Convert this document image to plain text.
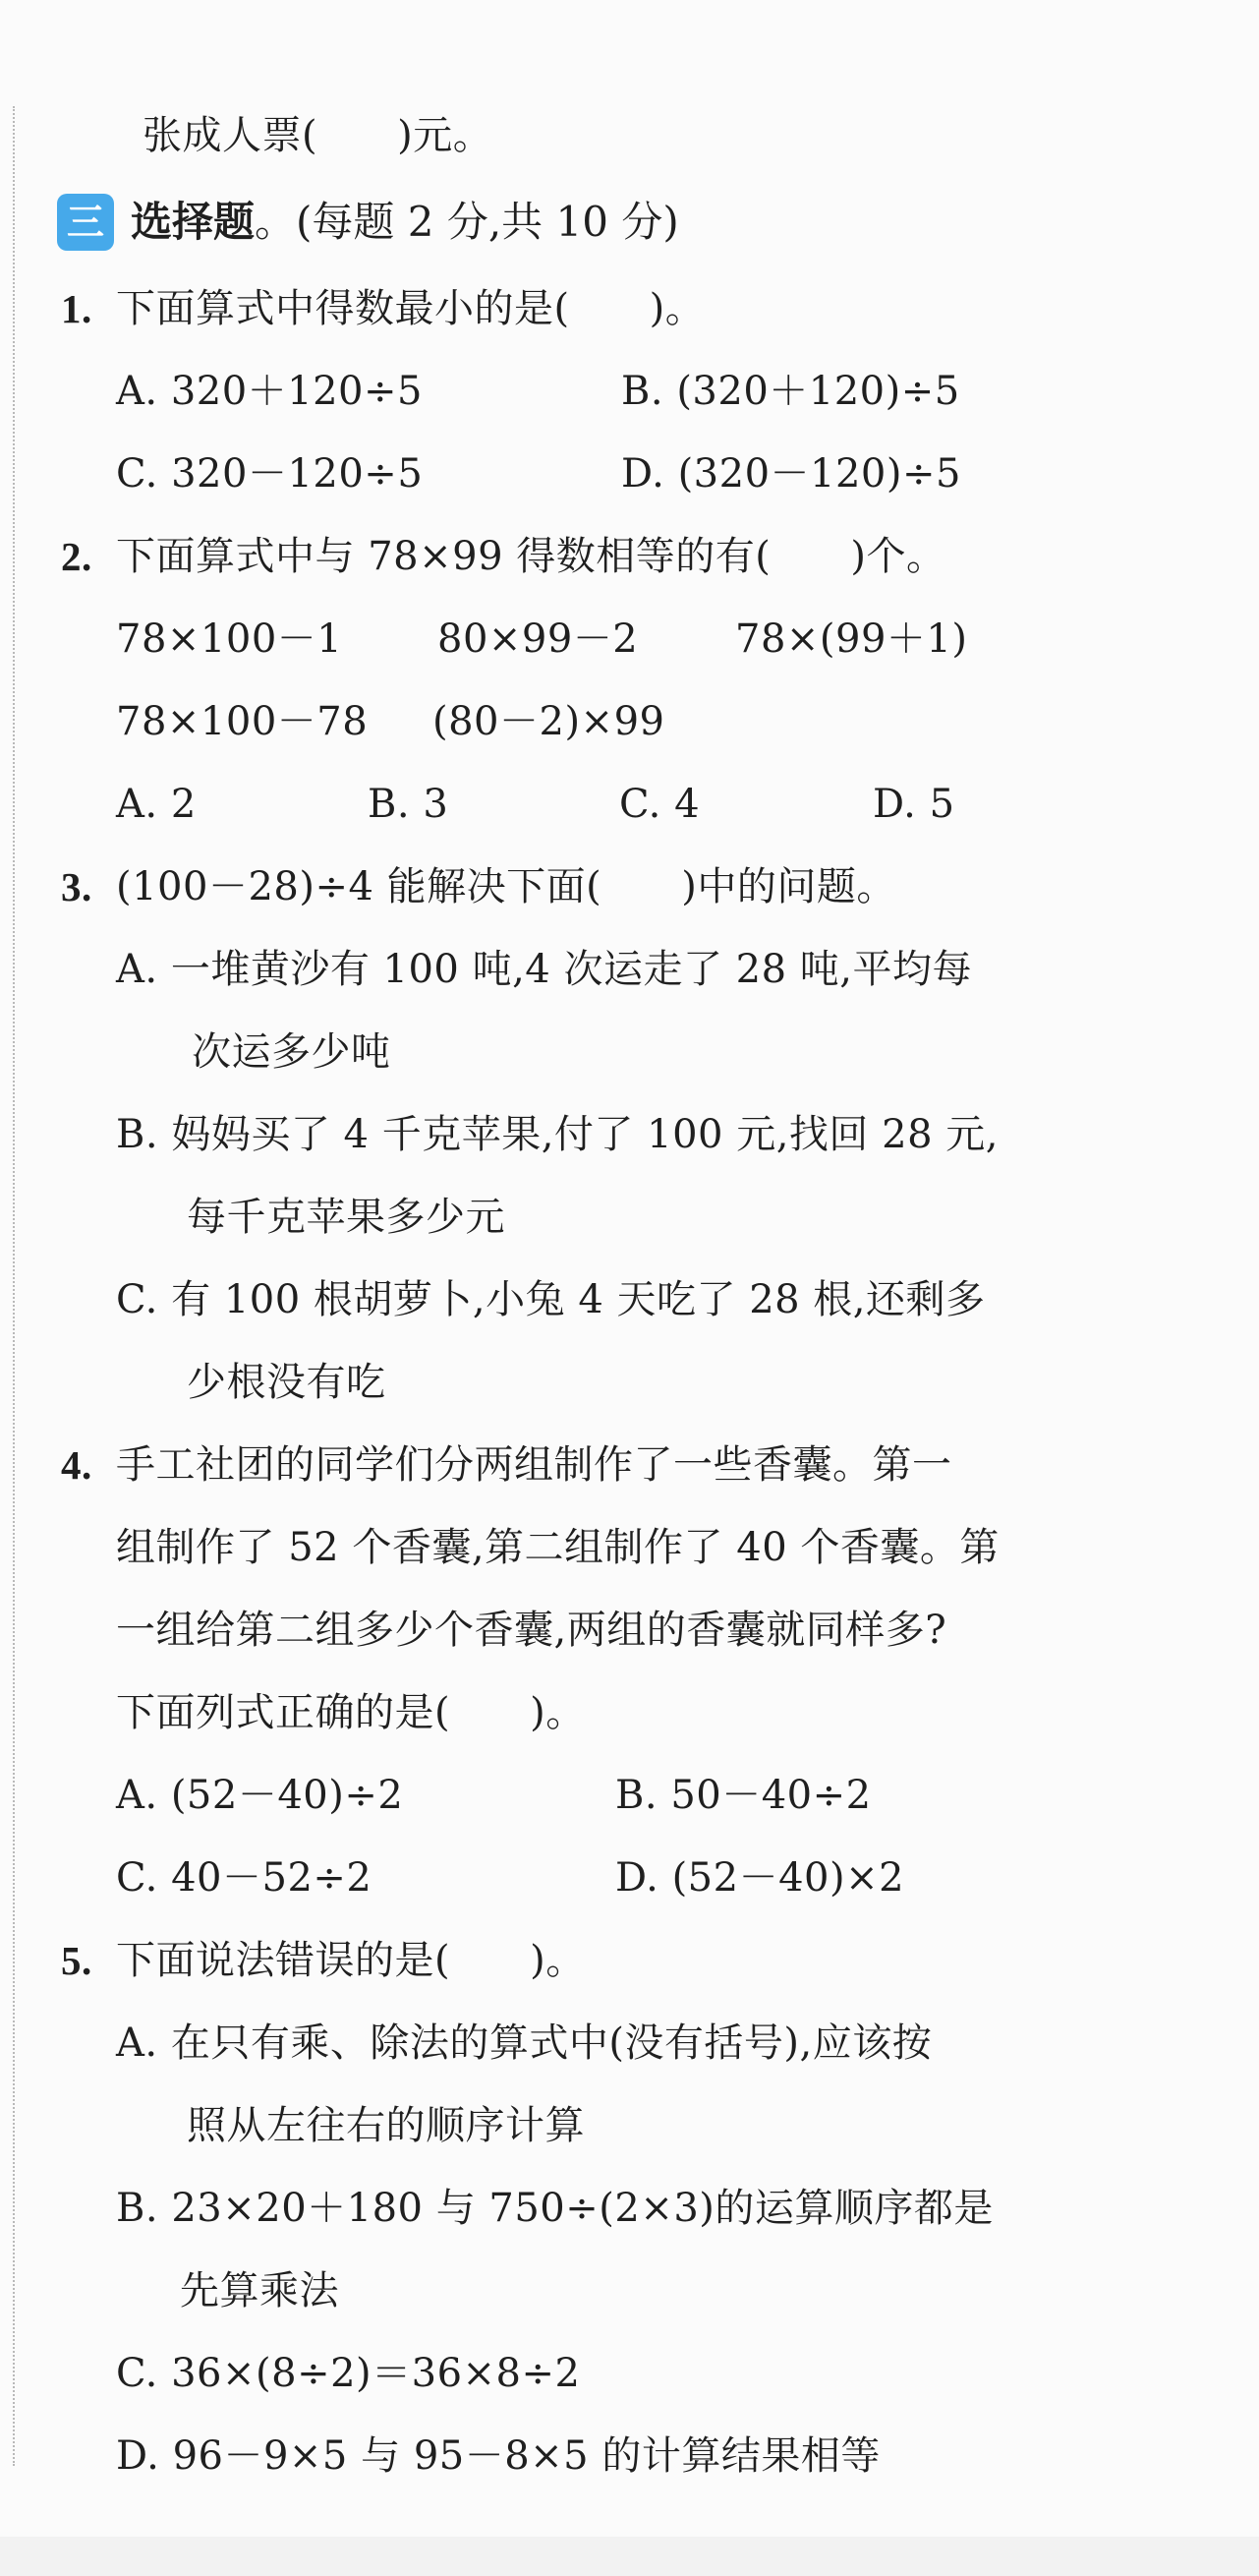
张成人票(　　)元。
三 选择题。(每题 2 分,共 10 分)
1. 下面算式中得数最小的是(　　)。
A. 320＋120÷5	B. (320＋120)÷5
C. 320－120÷5	D. (320－120)÷5
2. 下面算式中与 78×99 得数相等的有(　　)个。
78×100－1 80×99－2 78×(99＋1)
78×100－78 (80－2)×99
A. 2	B. 3	C. 4	D. 5
3. (100－28)÷4 能解决下面(　　)中的问题。
A. 一堆黄沙有 100 吨,4 次运走了 28 吨,平均每
次运多少吨
B. 妈妈买了 4 千克苹果,付了 100 元,找回 28 元,
每千克苹果多少元
C. 有 100 根胡萝卜,小兔 4 天吃了 28 根,还剩多
少根没有吃
4. 手工社团的同学们分两组制作了一些香囊。第一
组制作了 52 个香囊,第二组制作了 40 个香囊。第
一组给第二组多少个香囊,两组的香囊就同样多?
下面列式正确的是(　　)。
A. (52－40)÷2	B. 50－40÷2
C. 40－52÷2	D. (52－40)×2
5. 下面说法错误的是(　　)。
A. 在只有乘、除法的算式中(没有括号),应该按
照从左往右的顺序计算
B. 23×20＋180 与 750÷(2×3)的运算顺序都是
先算乘法
C. 36×(8÷2)＝36×8÷2
D. 96－9×5 与 95－8×5 的计算结果相等
